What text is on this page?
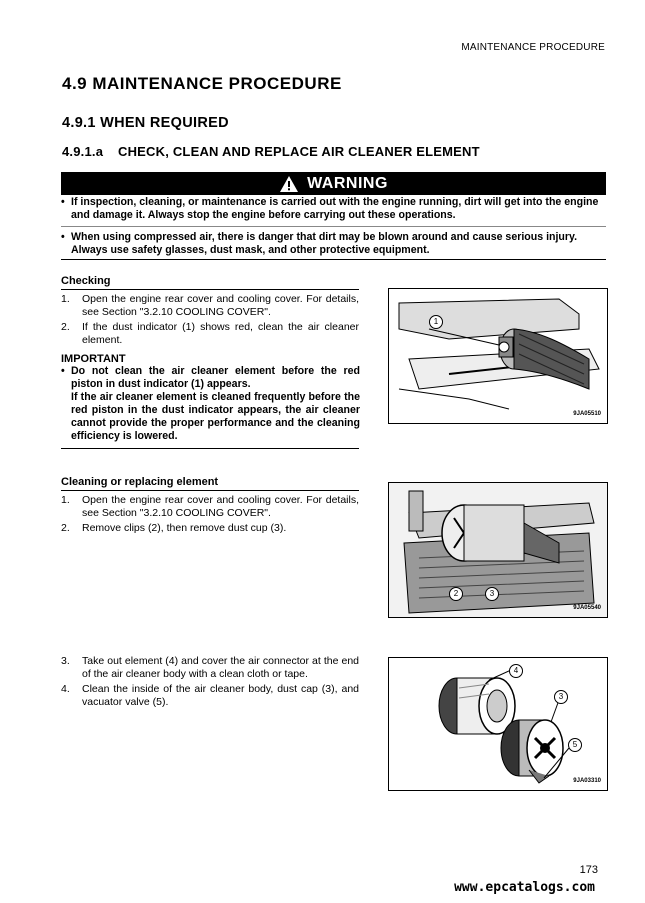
MAINTENANCE PROCEDURE
4.9 MAINTENANCE PROCEDURE
4.9.1 WHEN REQUIRED
4.9.1.a CHECK, CLEAN AND REPLACE AIR CLEANER ELEMENT
WARNING
• If inspection, cleaning, or maintenance is carried out with the engine running, dirt will get into the engine and damage it. Always stop the engine before carrying out these operations.
• When using compressed air, there is danger that dirt may be blown around and cause serious injury. Always use safety glasses, dust mask, and other protective equipment.
Checking
1. Open the engine rear cover and cooling cover. For details, see Section "3.2.10 COOLING COVER".
2. If the dust indicator (1) shows red, clean the air cleaner element.
IMPORTANT
• Do not clean the air cleaner element before the red piston in dust indicator (1) appears.
If the air cleaner element is cleaned frequently before the red piston in the dust indicator appears, the air cleaner cannot provide the proper performance and the cleaning efficiency is lowered.
1
9JA05510
Cleaning or replacing element
1. Open the engine rear cover and cooling cover. For details, see Section "3.2.10 COOLING COVER".
2. Remove clips (2), then remove dust cup (3).
2	3
9JA05540
3. Take out element (4) and cover the air connector at the end of the air cleaner body with a clean cloth or tape.
4. Clean the inside of the air cleaner body, dust cap (3), and vacuator valve (5).
4
3
5
9JA03310
173
www.epcatalogs.com
